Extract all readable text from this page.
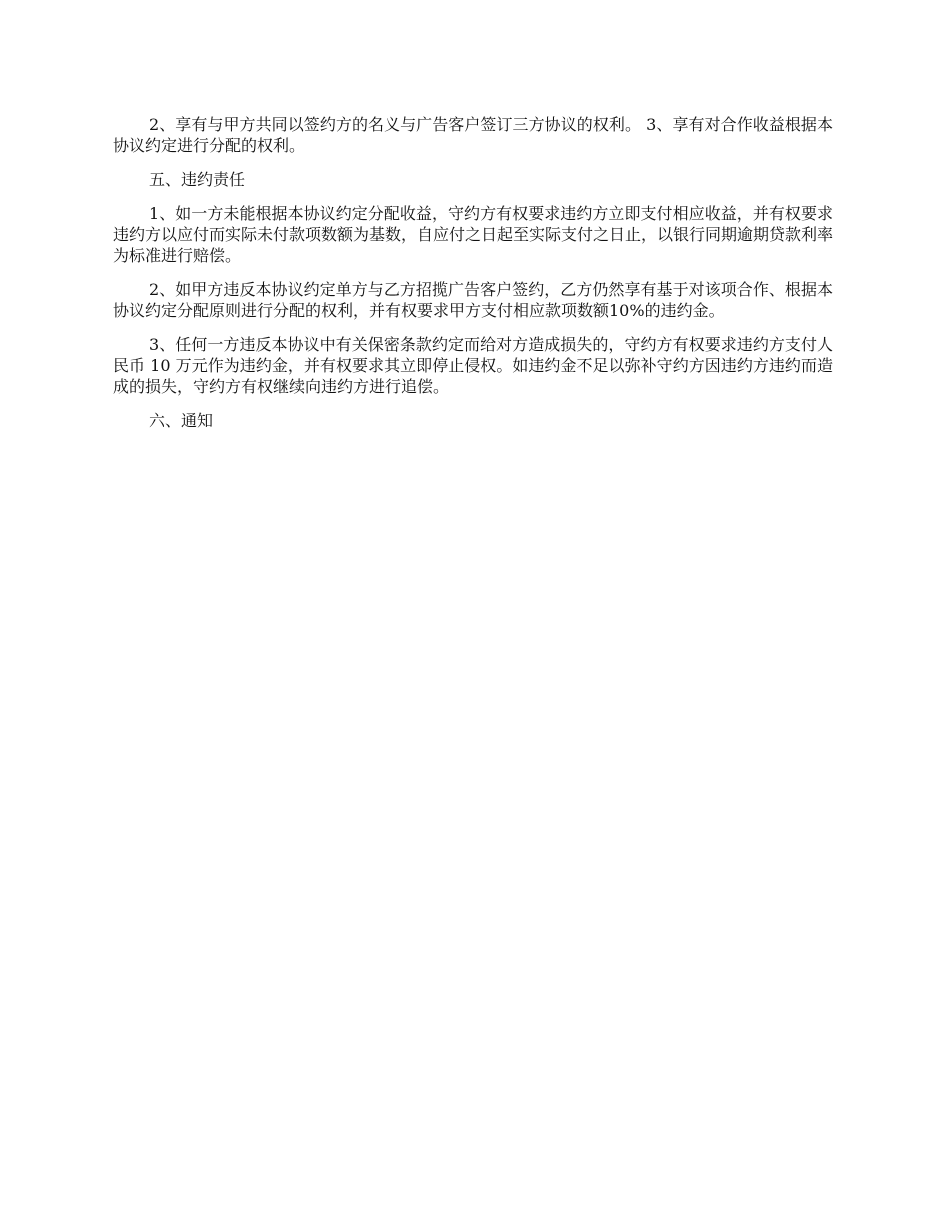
2、享有与甲方共同以签约方的名义与广告客户签订三方协议的权利。 3、享有对合作收益根据本协议约定进行分配的权利。

五、违约责任

1、如一方未能根据本协议约定分配收益，守约方有权要求违约方立即支付相应收益，并有权要求违约方以应付而实际未付款项数额为基数，自应付之日起至实际支付之日止，以银行同期逾期贷款利率为标准进行赔偿。

2、如甲方违反本协议约定单方与乙方招揽广告客户签约，乙方仍然享有基于对该项合作、根据本协议约定分配原则进行分配的权利，并有权要求甲方支付相应款项数额10%的违约金。

3、任何一方违反本协议中有关保密条款约定而给对方造成损失的，守约方有权要求违约方支付人民币 10 万元作为违约金，并有权要求其立即停止侵权。如违约金不足以弥补守约方因违约方违约而造成的损失，守约方有权继续向违约方进行追偿。

六、通知
